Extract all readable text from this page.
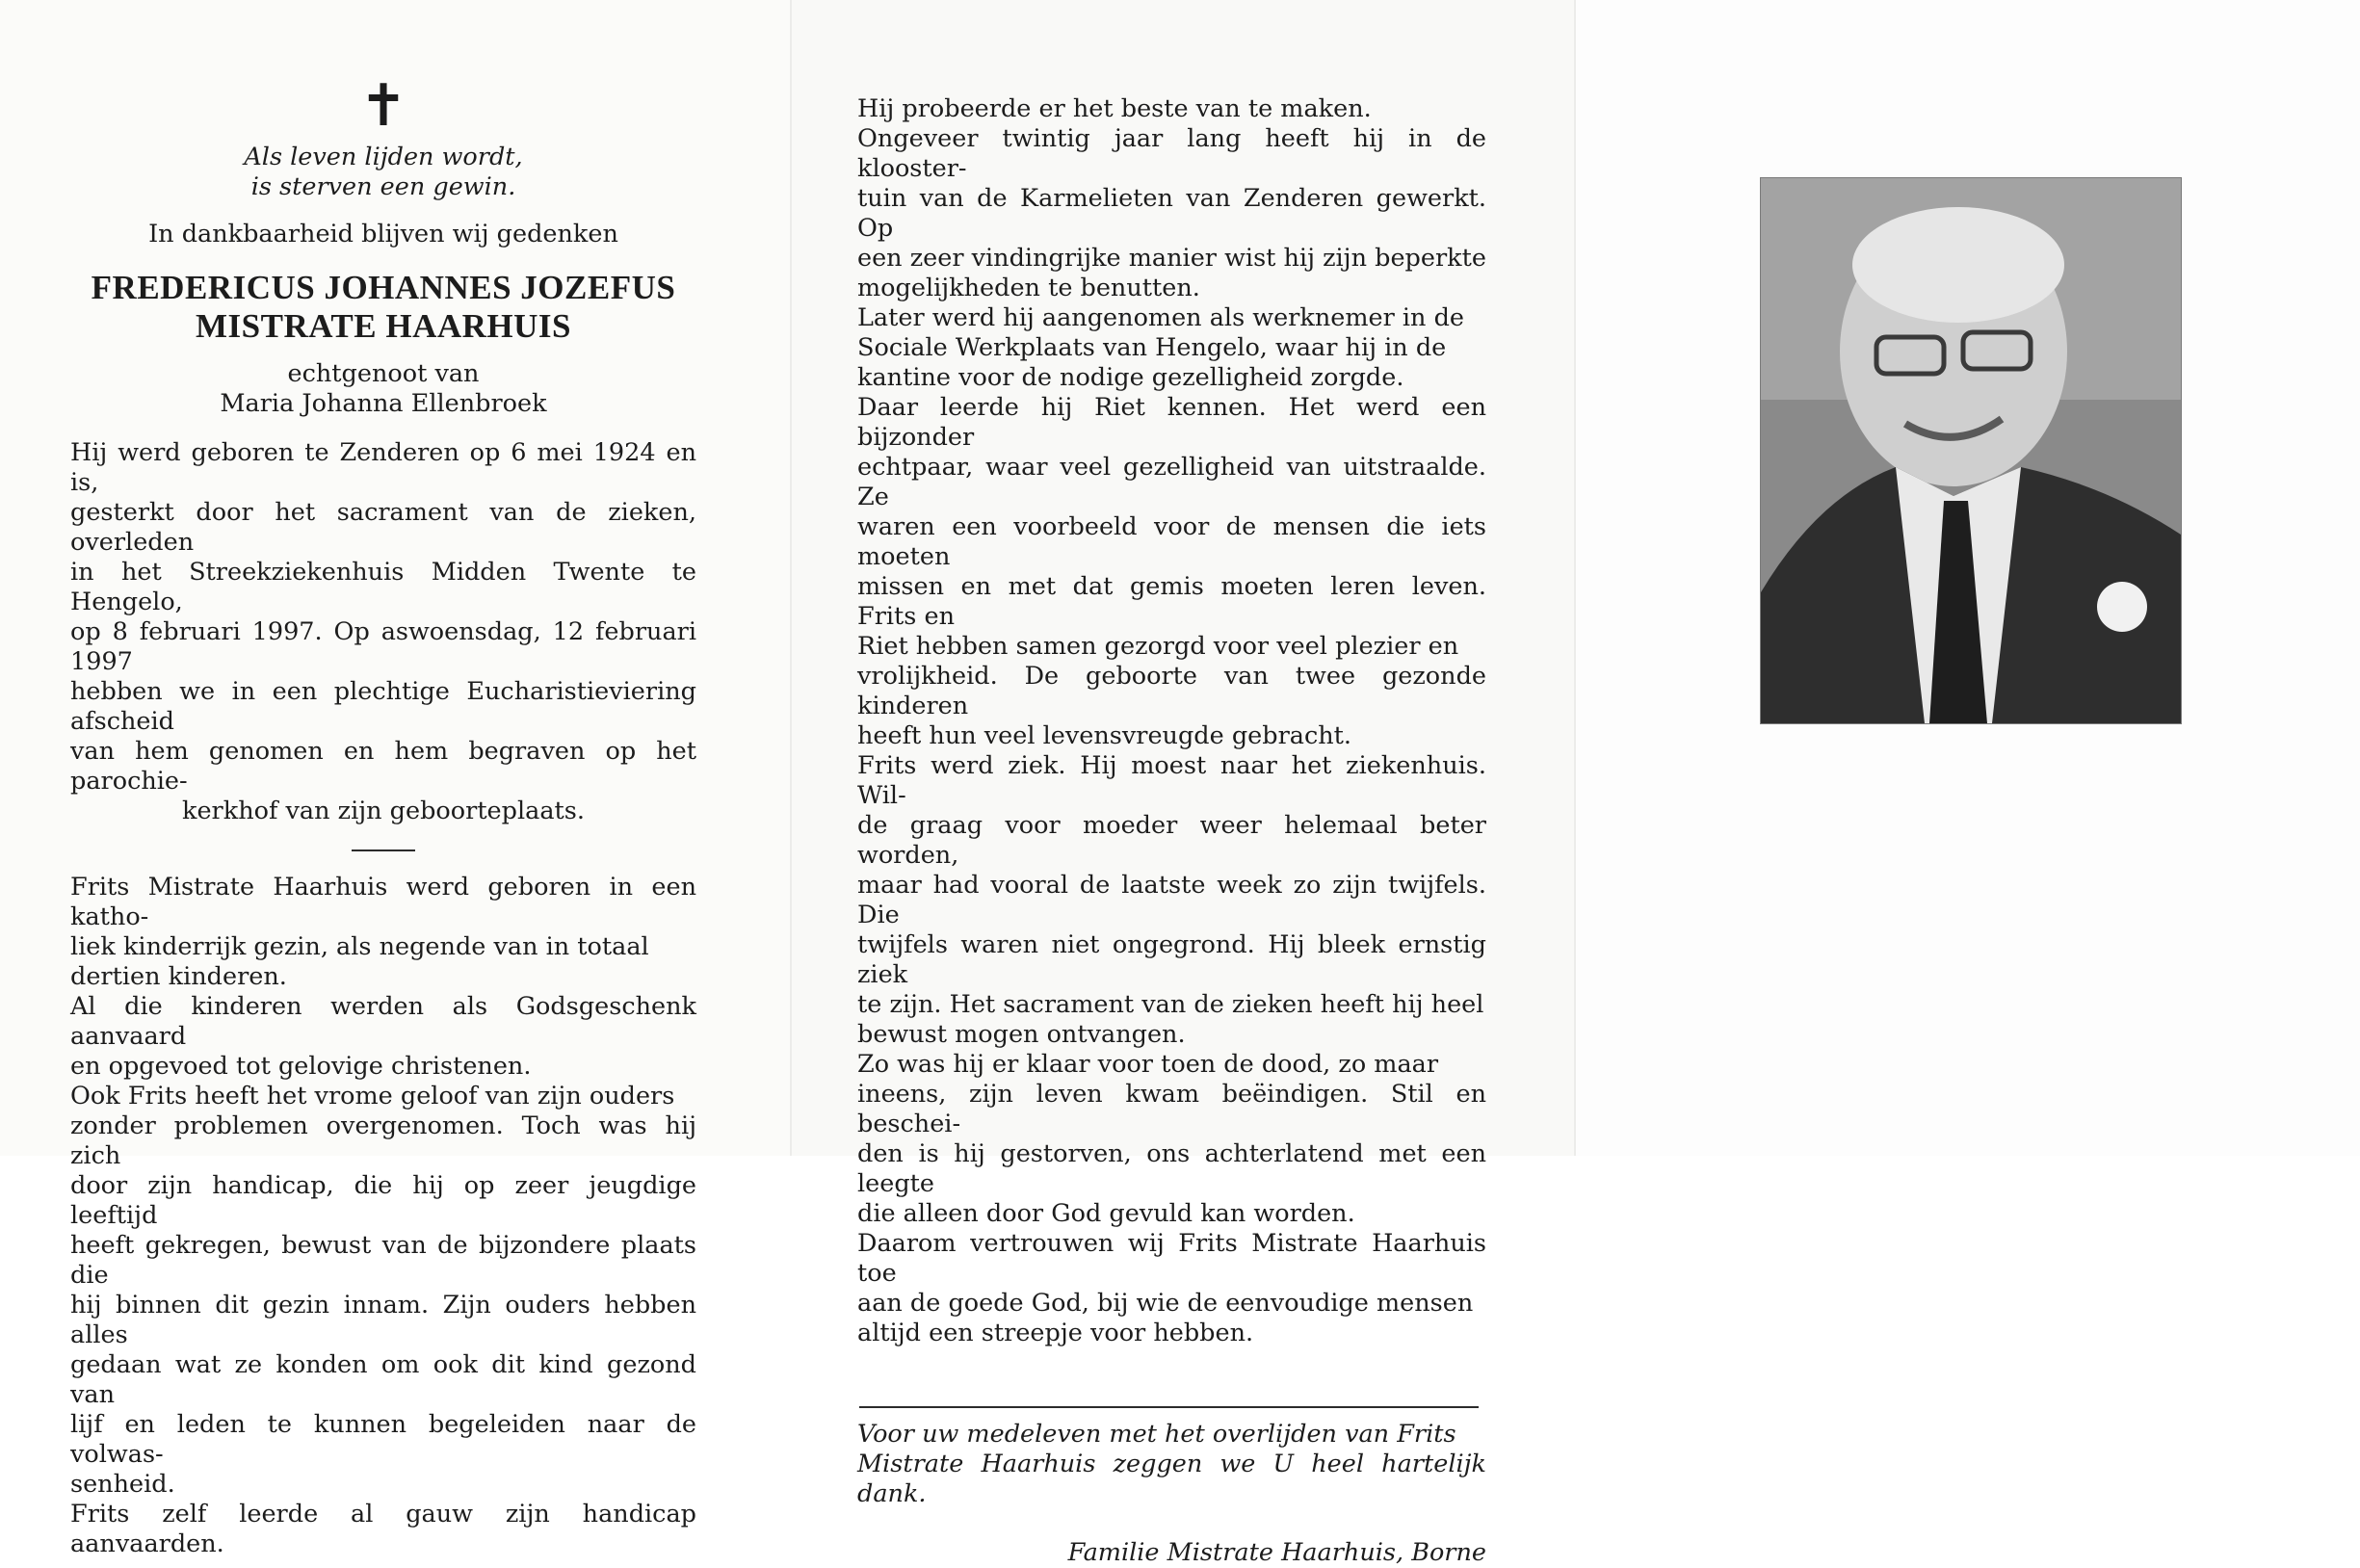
✝
Als leven lijden wordt,
is sterven een gewin.
In dankbaarheid blijven wij gedenken
FREDERICUS JOHANNES JOZEFUS
MISTRATE HAARHUIS
echtgenoot van
Maria Johanna Ellenbroek
Hij werd geboren te Zenderen op 6 mei 1924 en is,
gesterkt door het sacrament van de zieken, overleden
in het Streekziekenhuis Midden Twente te Hengelo,
op 8 februari 1997. Op aswoensdag, 12 februari 1997
hebben we in een plechtige Eucharistieviering afscheid
van hem genomen en hem begraven op het parochie-
kerkhof van zijn geboorteplaats.
Frits Mistrate Haarhuis werd geboren in een katho-
liek kinderrijk gezin, als negende van in totaal
dertien kinderen.
Al die kinderen werden als Godsgeschenk aanvaard
en opgevoed tot gelovige christenen.
Ook Frits heeft het vrome geloof van zijn ouders
zonder problemen overgenomen. Toch was hij zich
door zijn handicap, die hij op zeer jeugdige leeftijd
heeft gekregen, bewust van de bijzondere plaats die
hij binnen dit gezin innam. Zijn ouders hebben alles
gedaan wat ze konden om ook dit kind gezond van
lijf en leden te kunnen begeleiden naar de volwas-
senheid.
Frits zelf leerde al gauw zijn handicap aanvaarden.
Hij probeerde er het beste van te maken.
Ongeveer twintig jaar lang heeft hij in de klooster-
tuin van de Karmelieten van Zenderen gewerkt. Op
een zeer vindingrijke manier wist hij zijn beperkte
mogelijkheden te benutten.
Later werd hij aangenomen als werknemer in de
Sociale Werkplaats van Hengelo, waar hij in de
kantine voor de nodige gezelligheid zorgde.
Daar leerde hij Riet kennen. Het werd een bijzonder
echtpaar, waar veel gezelligheid van uitstraalde. Ze
waren een voorbeeld voor de mensen die iets moeten
missen en met dat gemis moeten leren leven. Frits en
Riet hebben samen gezorgd voor veel plezier en
vrolijkheid. De geboorte van twee gezonde kinderen
heeft hun veel levensvreugde gebracht.
Frits werd ziek. Hij moest naar het ziekenhuis. Wil-
de graag voor moeder weer helemaal beter worden,
maar had vooral de laatste week zo zijn twijfels. Die
twijfels waren niet ongegrond. Hij bleek ernstig ziek
te zijn. Het sacrament van de zieken heeft hij heel
bewust mogen ontvangen.
Zo was hij er klaar voor toen de dood, zo maar
ineens, zijn leven kwam beëindigen. Stil en beschei-
den is hij gestorven, ons achterlatend met een leegte
die alleen door God gevuld kan worden.
Daarom vertrouwen wij Frits Mistrate Haarhuis toe
aan de goede God, bij wie de eenvoudige mensen
altijd een streepje voor hebben.
Voor uw medeleven met het overlijden van Frits
Mistrate Haarhuis zeggen we U heel hartelijk dank.
Familie Mistrate Haarhuis, Borne
